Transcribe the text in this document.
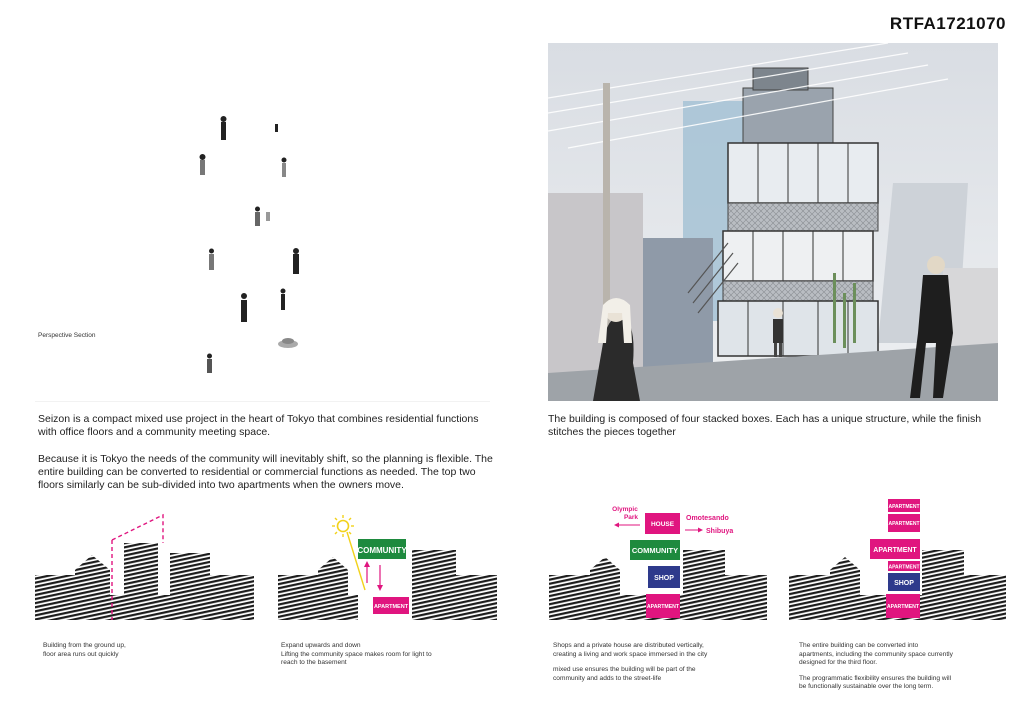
RTFA1721070
Perspective Section
Seizon is a compact mixed use project in the heart of Tokyo that combines residential functions
with office floors and a community meeting space.
Because it is Tokyo the needs of the community will inevitably shift, so the planning is flexible. The
entire building can be converted to residential or commercial functions as needed. The top two
floors similarly can be sub-divided into two apartments when the owners move.
The building is composed of four stacked boxes. Each has a unique structure, while the finish
stitches the pieces together
COMMUNITY
APARTMENT
HOUSE
COMMUNITY
SHOP
APARTMENT
Olympic
Park	Omotesando
Shibuya
APARTMENT
APARTMENT
APARTMENT
APARTMENT
SHOP
APARTMENT
Building from the ground up,
floor area runs out quickly
Expand upwards and down
Lifting the community space makes room for light to
reach to the basement
Shops and a private house are distributed vertically,
creating a living and work space immersed in the city
mixed use ensures the building will be part of the
community and adds to the street-life
The entire building can be converted into
apartments, including the community space currently
designed for the third floor.
The programmatic flexibility ensures the building will
be functionally sustainable over the long term.
